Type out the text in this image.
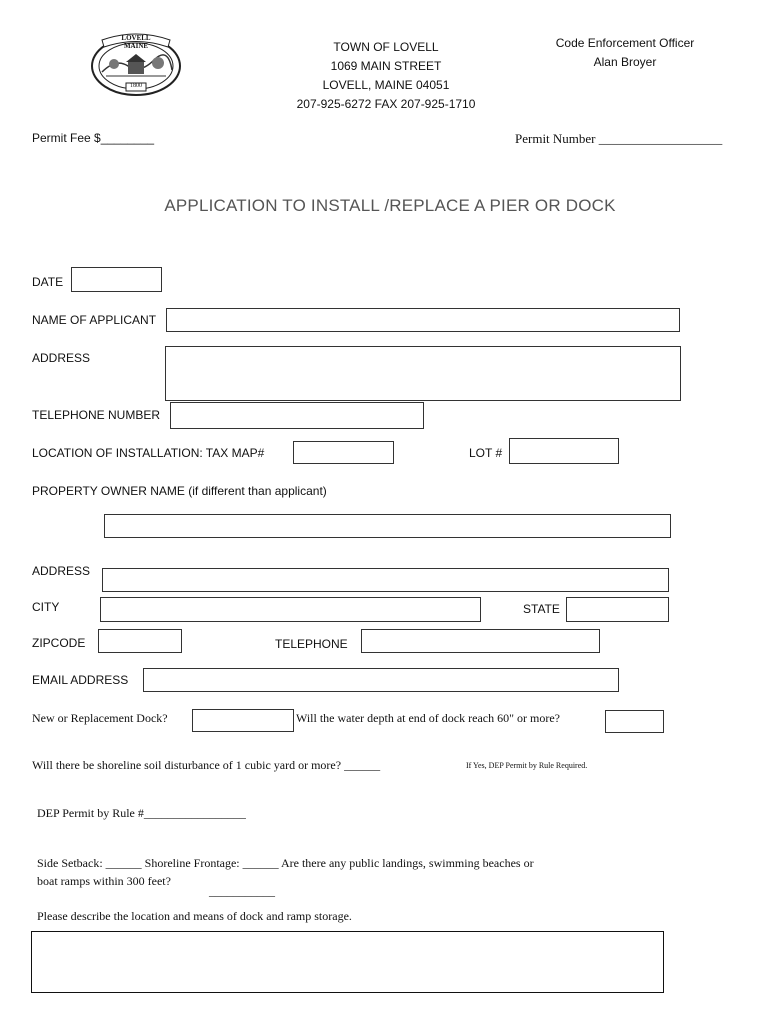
LOVELL MAINE
1800
TOWN OF LOVELL
1069 MAIN STREET
LOVELL, MAINE 04051
207-925-6272 FAX 207-925-1710
Code Enforcement Officer
Alan Broyer
Permit Fee $________	Permit Number ___________________
APPLICATION TO INSTALL /REPLACE A PIER OR DOCK
DATE
NAME OF APPLICANT
ADDRESS
TELEPHONE NUMBER
LOCATION OF INSTALLATION: TAX MAP#	LOT #
PROPERTY OWNER NAME (if different than applicant)
ADDRESS
CITY	STATE
ZIPCODE	TELEPHONE
EMAIL ADDRESS
New or Replacement Dock?	Will the water depth at end of dock reach 60" or more?
Will there be shoreline soil disturbance of 1 cubic yard or more? ______	If Yes, DEP Permit by Rule Required.
DEP Permit by Rule #_________________
Side Setback: ______ Shoreline Frontage: ______ Are there any public landings, swimming beaches or
boat ramps within 300 feet?
___________
Please describe the location and means of dock and ramp storage.
